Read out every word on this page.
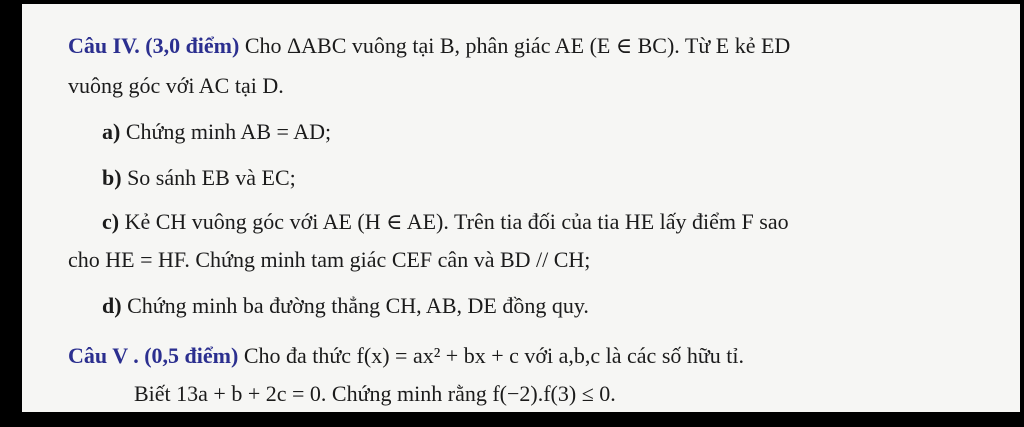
Câu IV. (3,0 điểm) Cho ΔABC vuông tại B, phân giác AE (E ∈ BC). Từ E kẻ ED
vuông góc với AC tại D.
a) Chứng minh AB = AD;
b) So sánh EB và EC;
c) Kẻ CH vuông góc với AE (H ∈ AE). Trên tia đối của tia HE lấy điểm F sao
cho HE = HF. Chứng minh tam giác CEF cân và BD // CH;
d) Chứng minh ba đường thẳng CH, AB, DE đồng quy.
Câu V . (0,5 điểm) Cho đa thức f(x) = ax² + bx + c với a,b,c là các số hữu tỉ.
Biết 13a + b + 2c = 0. Chứng minh rằng f(−2).f(3) ≤ 0.
